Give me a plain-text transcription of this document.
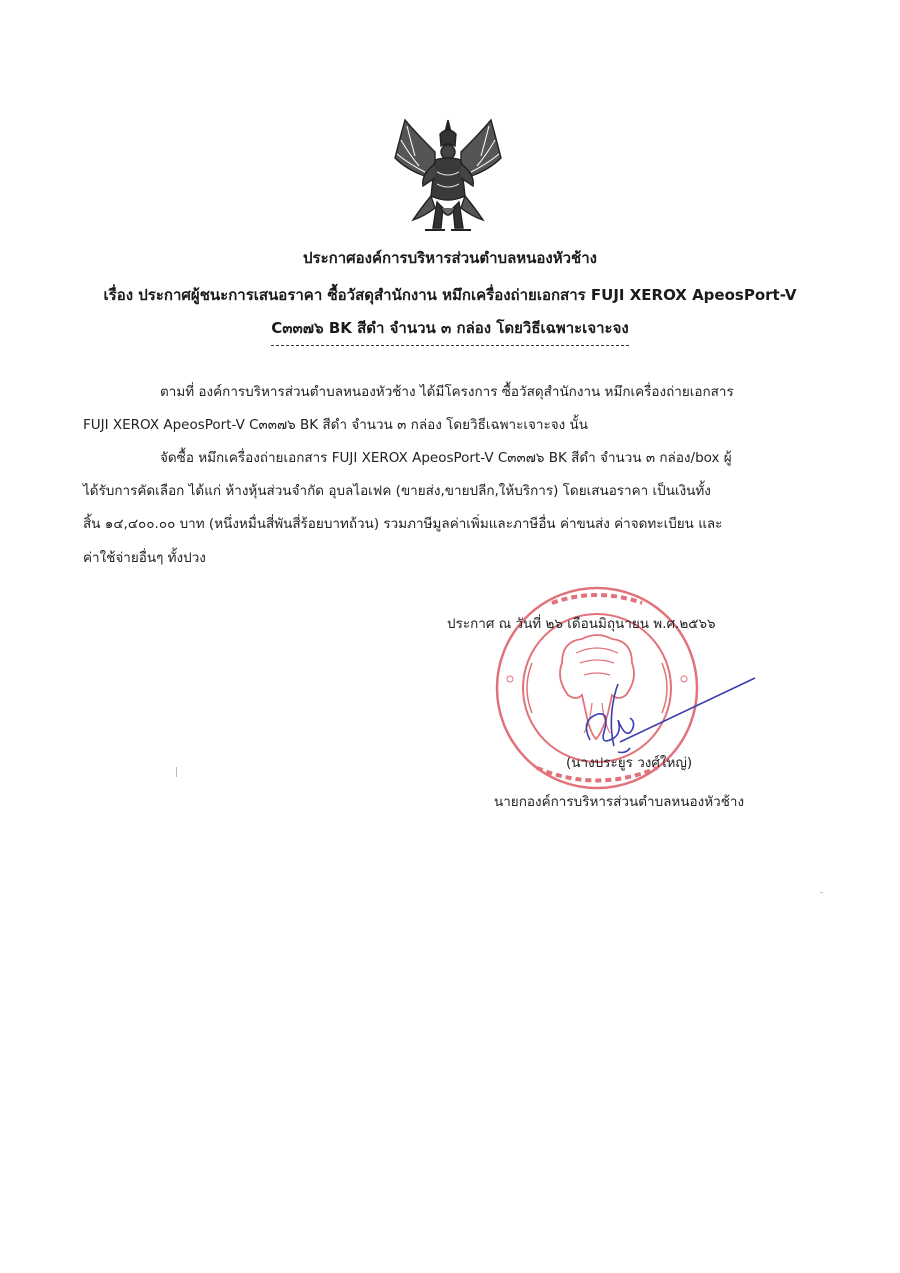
ประกาศองค์การบริหารส่วนตำบลหนองหัวช้าง
เรื่อง ประกาศผู้ชนะการเสนอราคา ซื้อวัสดุสำนักงาน หมึกเครื่องถ่ายเอกสาร FUJI XEROX ApeosPort-V
C๓๓๗๖ BK สีดำ จำนวน ๓ กล่อง โดยวิธีเฉพาะเจาะจง
ตามที่ องค์การบริหารส่วนตำบลหนองหัวช้าง ได้มีโครงการ ซื้อวัสดุสำนักงาน หมึกเครื่องถ่ายเอกสาร
FUJI XEROX ApeosPort-V C๓๓๗๖ BK สีดำ จำนวน ๓ กล่อง โดยวิธีเฉพาะเจาะจง นั้น
จัดซื้อ หมึกเครื่องถ่ายเอกสาร FUJI XEROX ApeosPort-V C๓๓๗๖ BK สีดำ จำนวน ๓ กล่อง/box ผู้
ได้รับการคัดเลือก ได้แก่ ห้างหุ้นส่วนจำกัด อุบลไอเฟค (ขายส่ง,ขายปลีก,ให้บริการ) โดยเสนอราคา เป็นเงินทั้ง
สิ้น ๑๔,๔๐๐.๐๐ บาท (หนึ่งหมื่นสี่พันสี่ร้อยบาทถ้วน) รวมภาษีมูลค่าเพิ่มและภาษีอื่น ค่าขนส่ง ค่าจดทะเบียน และ
ค่าใช้จ่ายอื่นๆ ทั้งปวง
ประกาศ ณ วันที่ ๒๖ เดือนมิถุนายน พ.ศ.๒๕๖๖
(นางประยูร วงศ์ใหญ่)
นายกองค์การบริหารส่วนตำบลหนองหัวช้าง
